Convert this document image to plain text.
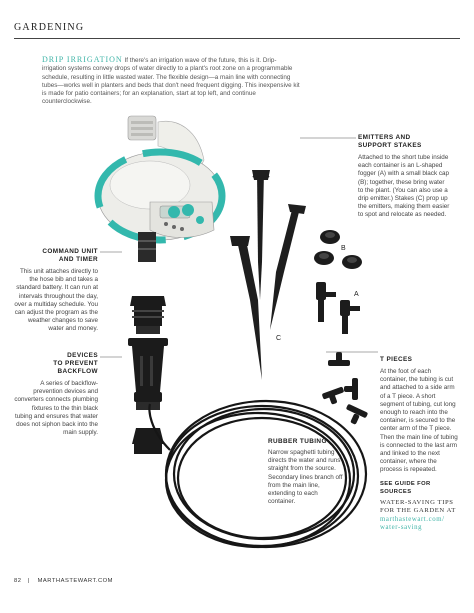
B
A
C
GARDENING
DRIP IRRIGATION If there's an irrigation wave of the future, this is it. Drip-irrigation systems convey drops of water directly to a plant's root zone on a programmable schedule, resulting in little wasted water. The flexible design—a main line with connecting tubes—works well in planters and beds that don't need frequent digging. This inexpensive kit is made for patio containers; for an explanation, start at top left, and continue counterclockwise.
COMMAND UNIT
AND TIMER
This unit attaches directly to the hose bib and takes a standard battery. It can run at intervals throughout the day, over a multiday schedule. You can adjust the program as the weather changes to save water and money.
DEVICES
TO PREVENT
BACKFLOW
A series of backflow-prevention devices and converters connects plumbing fixtures to the thin black tubing and ensures that water does not siphon back into the main supply.
RUBBER TUBING
Narrow spaghetti tubing directs the water and runs straight from the source. Secondary lines branch off from the main line, extending to each container.
EMITTERS AND
SUPPORT STAKES
Attached to the short tube inside each container is an L-shaped fogger (A) with a small black cap (B); together, these bring water to the plant. (You can also use a drip emitter.) Stakes (C) prop up the emitters, making them easier to spot and relocate as needed.
T PIECES
At the foot of each container, the tubing is cut and attached to a side arm of a T piece. A short segment of tubing, cut long enough to reach into the container, is secured to the center arm of the T piece. Then the main line of tubing is connected to the last arm and linked to the next container, where the process is repeated.
SEE GUIDE FOR SOURCES
WATER-SAVING TIPS
FOR THE GARDEN AT
marthastewart.com/
water-saving
82 | MARTHASTEWART.COM
